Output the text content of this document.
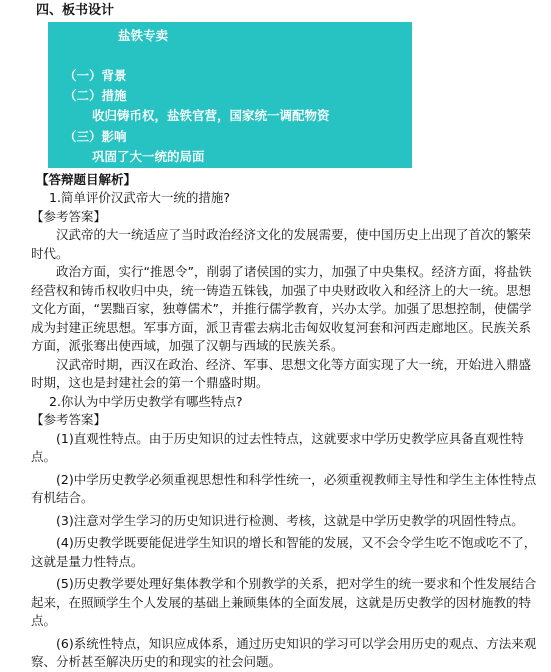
四、板书设计
盐铁专卖
（一）背景
（二）措施
收归铸币权，盐铁官营，国家统一调配物资
（三）影响
巩固了大一统的局面
【答辩题目解析】

1.简单评价汉武帝大一统的措施?

【参考答案】

汉武帝的大一统适应了当时政治经济文化的发展需要，使中国历史上出现了首次的繁荣时代。

政治方面，实行“推恩令”，削弱了诸侯国的实力，加强了中央集权。经济方面，将盐铁经营权和铸币权收归中央，统一铸造五铢钱，加强了中央财政收入和经济上的大一统。思想文化方面，“罢黜百家，独尊儒术”，并推行儒学教育，兴办太学。加强了思想控制，使儒学成为封建正统思想。军事方面，派卫青霍去病北击匈奴收复河套和河西走廊地区。民族关系方面，派张骞出使西域，加强了汉朝与西域的民族关系。

汉武帝时期，西汉在政治、经济、军事、思想文化等方面实现了大一统，开始进入鼎盛时期，这也是封建社会的第一个鼎盛时期。

2.你认为中学历史教学有哪些特点?

【参考答案】

(1)直观性特点。由于历史知识的过去性特点，这就要求中学历史教学应具备直观性特点。

(2)中学历史教学必须重视思想性和科学性统一，必须重视教师主导性和学生主体性特点有机结合。

(3)注意对学生学习的历史知识进行检测、考核，这就是中学历史教学的巩固性特点。

(4)历史教学既要能促进学生知识的增长和智能的发展，又不会令学生吃不饱或吃不了，这就是量力性特点。

(5)历史教学要处理好集体教学和个别教学的关系，把对学生的统一要求和个性发展结合起来，在照顾学生个人发展的基础上兼顾集体的全面发展，这就是历史教学的因材施教的特点。

(6)系统性特点，知识应成体系，通过历史知识的学习可以学会用历史的观点、方法来观察、分析甚至解决历史的和现实的社会问题。
